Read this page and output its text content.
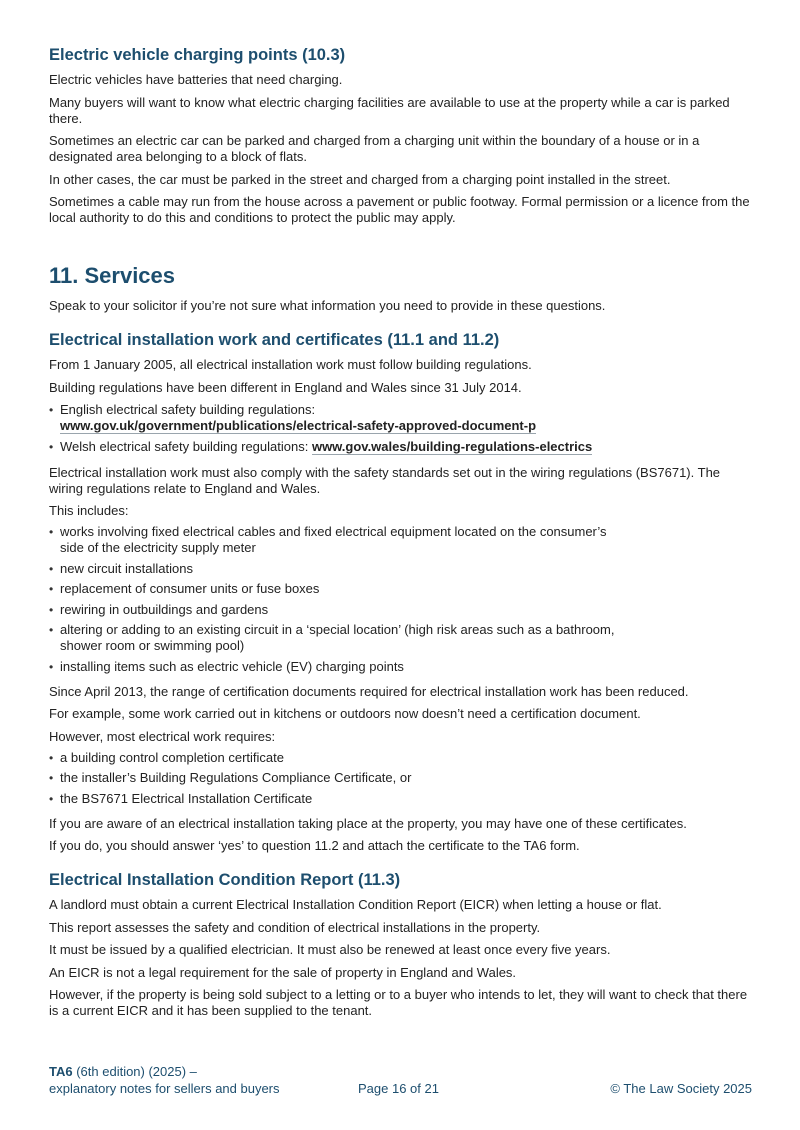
Electric vehicle charging points (10.3)

Electric vehicles have batteries that need charging.

Many buyers will want to know what electric charging facilities are available to use at the property while a car is parked there.

Sometimes an electric car can be parked and charged from a charging unit within the boundary of a house or in a designated area belonging to a block of flats.

In other cases, the car must be parked in the street and charged from a charging point installed in the street.

Sometimes a cable may run from the house across a pavement or public footway. Formal permission or a licence from the local authority to do this and conditions to protect the public may apply.

11. Services

Speak to your solicitor if you’re not sure what information you need to provide in these questions.

Electrical installation work and certificates (11.1 and 11.2)

From 1 January 2005, all electrical installation work must follow building regulations.

Building regulations have been different in England and Wales since 31 July 2014.

• English electrical safety building regulations:
www.gov.uk/government/publications/electrical-safety-approved-document-p
• Welsh electrical safety building regulations: www.gov.wales/building-regulations-electrics

Electrical installation work must also comply with the safety standards set out in the wiring regulations (BS7671). The wiring regulations relate to England and Wales.

This includes:

• works involving fixed electrical cables and fixed electrical equipment located on the consumer’s
side of the electricity supply meter
• new circuit installations
• replacement of consumer units or fuse boxes
• rewiring in outbuildings and gardens
• altering or adding to an existing circuit in a ‘special location’ (high risk areas such as a bathroom,
shower room or swimming pool)
• installing items such as electric vehicle (EV) charging points

Since April 2013, the range of certification documents required for electrical installation work has been reduced.

For example, some work carried out in kitchens or outdoors now doesn’t need a certification document.

However, most electrical work requires:

• a building control completion certificate
• the installer’s Building Regulations Compliance Certificate, or
• the BS7671 Electrical Installation Certificate

If you are aware of an electrical installation taking place at the property, you may have one of these certificates.

If you do, you should answer ‘yes’ to question 11.2 and attach the certificate to the TA6 form.

Electrical Installation Condition Report (11.3)

A landlord must obtain a current Electrical Installation Condition Report (EICR) when letting a house or flat.

This report assesses the safety and condition of electrical installations in the property.

It must be issued by a qualified electrician. It must also be renewed at least once every five years.

An EICR is not a legal requirement for the sale of property in England and Wales.

However, if the property is being sold subject to a letting or to a buyer who intends to let, they will want to check that there is a current EICR and it has been supplied to the tenant.

TA6 (6th edition) (2025) –
explanatory notes for sellers and buyers	Page 16 of 21	© The Law Society 2025
